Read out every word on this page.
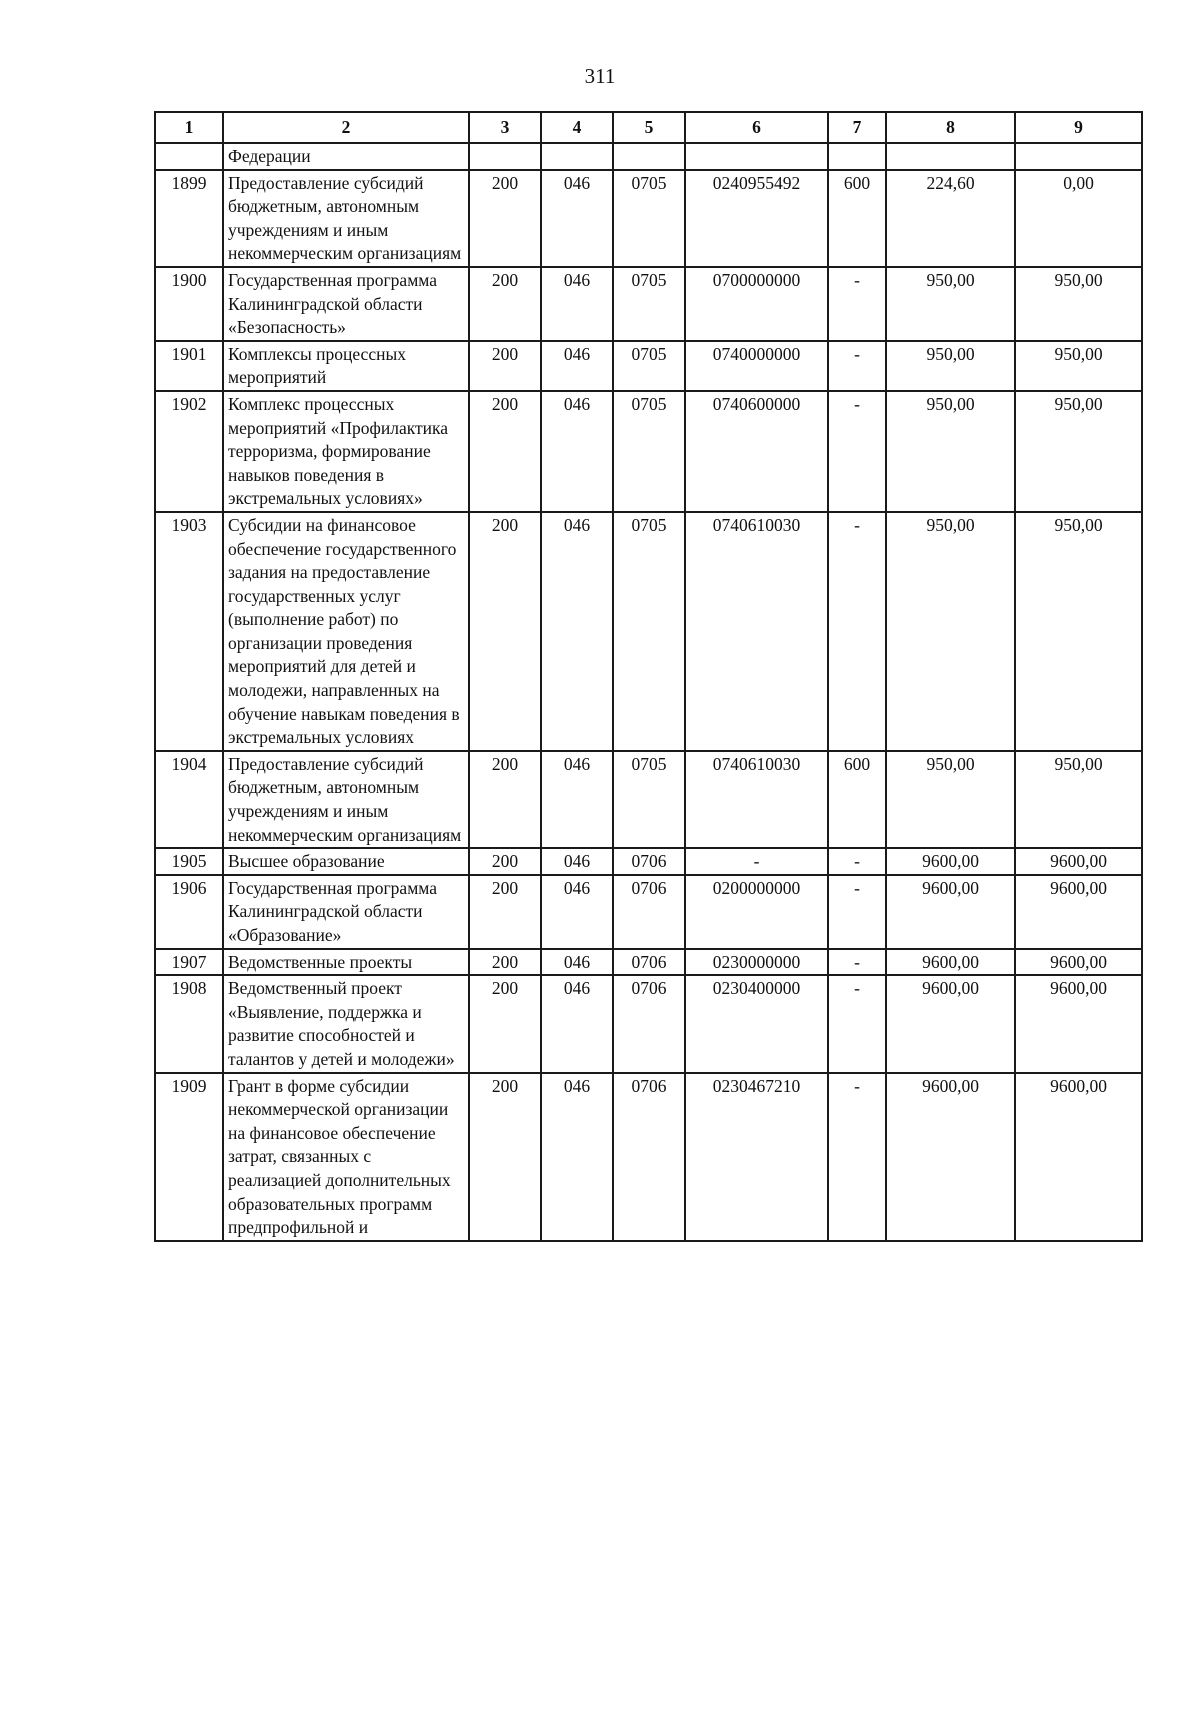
311
1	2	3	4	5	6	7	8	9
	Федерации							
1899	Предоставление субсидий бюджетным, автономным учреждениям и иным некоммерческим организациям	200	046	0705	0240955492	600	224,60	0,00
1900	Государственная программа Калининградской области «Безопасность»	200	046	0705	0700000000	-	950,00	950,00
1901	Комплексы процессных мероприятий	200	046	0705	0740000000	-	950,00	950,00
1902	Комплекс процессных мероприятий «Профилактика терроризма, формирование навыков поведения в экстремальных условиях»	200	046	0705	0740600000	-	950,00	950,00
1903	Субсидии на финансовое обеспечение государственного задания на предоставление государственных услуг (выполнение работ) по организации проведения мероприятий для детей и молодежи, направленных на обучение навыкам поведения в экстремальных условиях	200	046	0705	0740610030	-	950,00	950,00
1904	Предоставление субсидий бюджетным, автономным учреждениям и иным некоммерческим организациям	200	046	0705	0740610030	600	950,00	950,00
1905	Высшее образование	200	046	0706	-	-	9600,00	9600,00
1906	Государственная программа Калининградской области «Образование»	200	046	0706	0200000000	-	9600,00	9600,00
1907	Ведомственные проекты	200	046	0706	0230000000	-	9600,00	9600,00
1908	Ведомственный проект «Выявление, поддержка и развитие способностей и талантов у детей и молодежи»	200	046	0706	0230400000	-	9600,00	9600,00
1909	Грант в форме субсидии некоммерческой организации на финансовое обеспечение затрат, связанных с реализацией дополнительных образовательных программ предпрофильной и	200	046	0706	0230467210	-	9600,00	9600,00
